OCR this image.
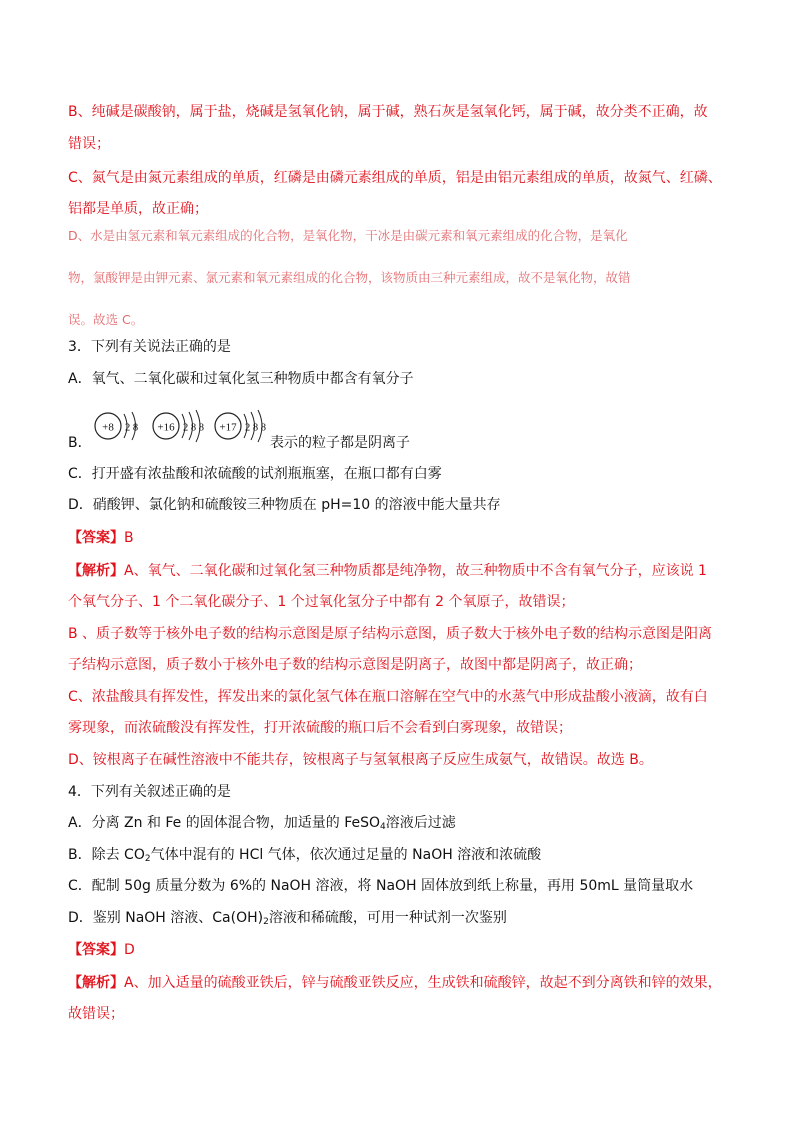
B、纯碱是碳酸钠，属于盐，烧碱是氢氧化钠，属于碱，熟石灰是氢氧化钙，属于碱，故分类不正确，故
错误；
C、氮气是由氮元素组成的单质，红磷是由磷元素组成的单质，铝是由铝元素组成的单质，故氮气、红磷、
铝都是单质，故正确；
D、水是由氢元素和氧元素组成的化合物，是氧化物，干冰是由碳元素和氧元素组成的化合物，是氧化
物，氯酸钾是由钾元素、氯元素和氧元素组成的化合物，该物质由三种元素组成，故不是氧化物，故错
误。故选 C。
3．下列有关说法正确的是
A．氧气、二氧化碳和过氧化氢三种物质中都含有氧分子
B．
+8 2 8 +16 2 8 8 +17 2 8 8
表示的粒子都是阴离子
C．打开盛有浓盐酸和浓硫酸的试剂瓶瓶塞，在瓶口都有白雾
D．硝酸钾、氯化钠和硫酸铵三种物质在 pH=10 的溶液中能大量共存
【答案】B
【解析】A、氧气、二氧化碳和过氧化氢三种物质都是纯净物，故三种物质中不含有氧气分子，应该说 1
个氧气分子、1 个二氧化碳分子、1 个过氧化氢分子中都有 2 个氧原子，故错误；
B 、质子数等于核外电子数的结构示意图是原子结构示意图，质子数大于核外电子数的结构示意图是阳离
子结构示意图，质子数小于核外电子数的结构示意图是阴离子，故图中都是阴离子，故正确；
C、浓盐酸具有挥发性，挥发出来的氯化氢气体在瓶口溶解在空气中的水蒸气中形成盐酸小液滴，故有白
雾现象，而浓硫酸没有挥发性，打开浓硫酸的瓶口后不会看到白雾现象，故错误；
D、铵根离子在碱性溶液中不能共存，铵根离子与氢氧根离子反应生成氨气，故错误。故选 B。
4．下列有关叙述正确的是
A．分离 Zn 和 Fe 的固体混合物，加适量的 FeSO$_4$溶液后过滤
B．除去 $CO_2$气体中混有的 HCl 气体，依次通过足量的 NaOH 溶液和浓硫酸
C．配制 50g 质量分数为 6%的 NaOH 溶液，将 NaOH 固体放到纸上称量，再用 50mL 量筒量取水
D．鉴别 NaOH 溶液、$Ca(OH)_2$溶液和稀硫酸，可用一种试剂一次鉴别
【答案】D
【解析】A、加入适量的硫酸亚铁后，锌与硫酸亚铁反应，生成铁和硫酸锌，故起不到分离铁和锌的效果，
故错误；
